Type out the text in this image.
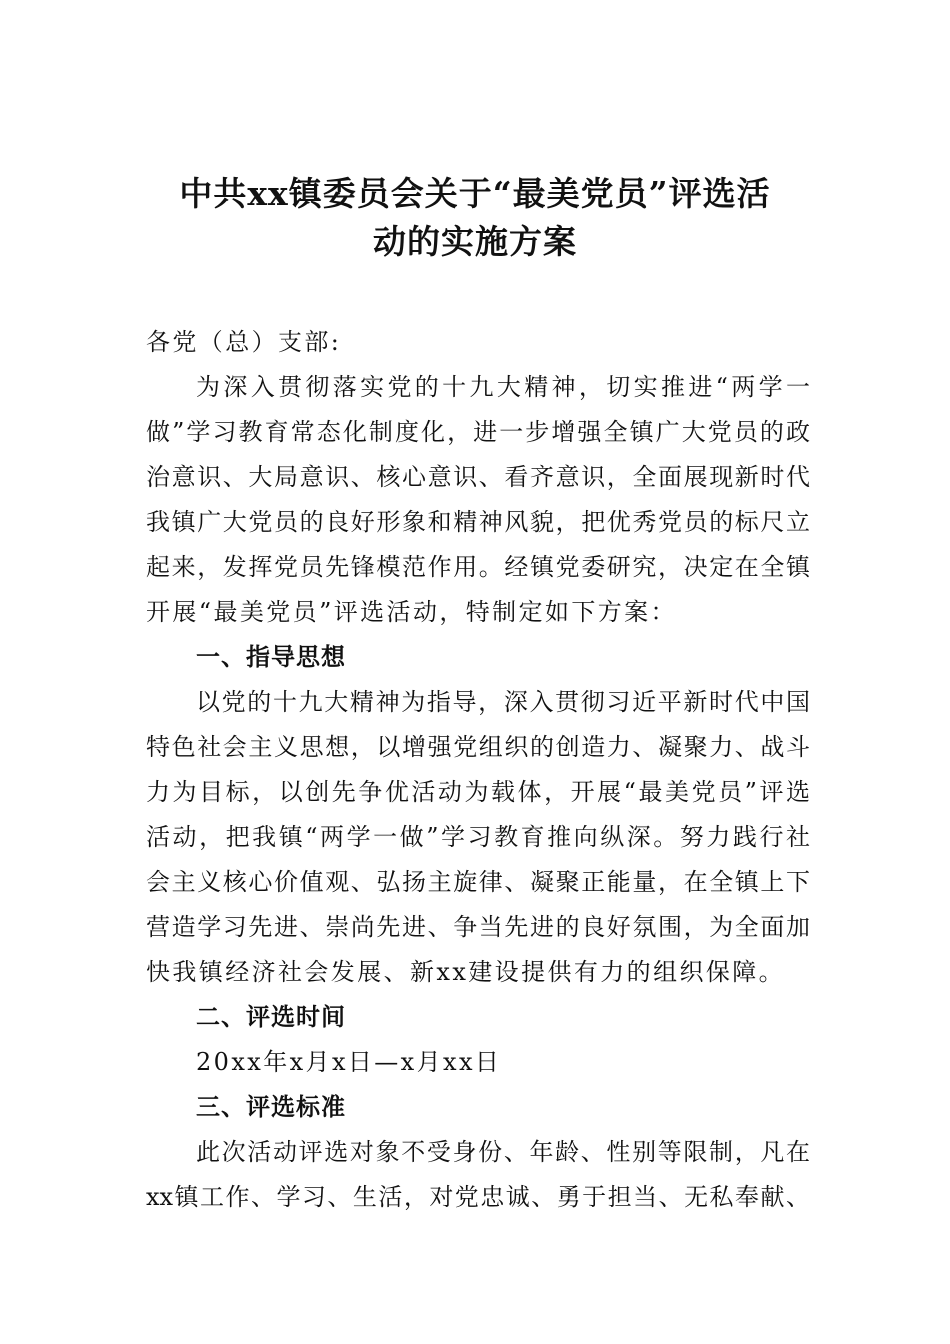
中共xx镇委员会关于“最美党员”评选活
动的实施方案

各党（总）支部:

为深入贯彻落实党的十九大精神，切实推进“两学一

做”学习教育常态化制度化，进一步增强全镇广大党员的政

治意识、大局意识、核心意识、看齐意识，全面展现新时代

我镇广大党员的良好形象和精神风貌，把优秀党员的标尺立

起来，发挥党员先锋模范作用。经镇党委研究，决定在全镇

开展“最美党员”评选活动，特制定如下方案：

一、指导思想

以党的十九大精神为指导，深入贯彻习近平新时代中国

特色社会主义思想，以增强党组织的创造力、凝聚力、战斗

力为目标，以创先争优活动为载体，开展“最美党员”评选

活动，把我镇“两学一做”学习教育推向纵深。努力践行社

会主义核心价值观、弘扬主旋律、凝聚正能量，在全镇上下

营造学习先进、崇尚先进、争当先进的良好氛围，为全面加

快我镇经济社会发展、新xx建设提供有力的组织保障。

二、评选时间

20xx年x月x日—x月xx日

三、评选标准

此次活动评选对象不受身份、年龄、性别等限制，凡在

xx镇工作、学习、生活，对党忠诚、勇于担当、无私奉献、
